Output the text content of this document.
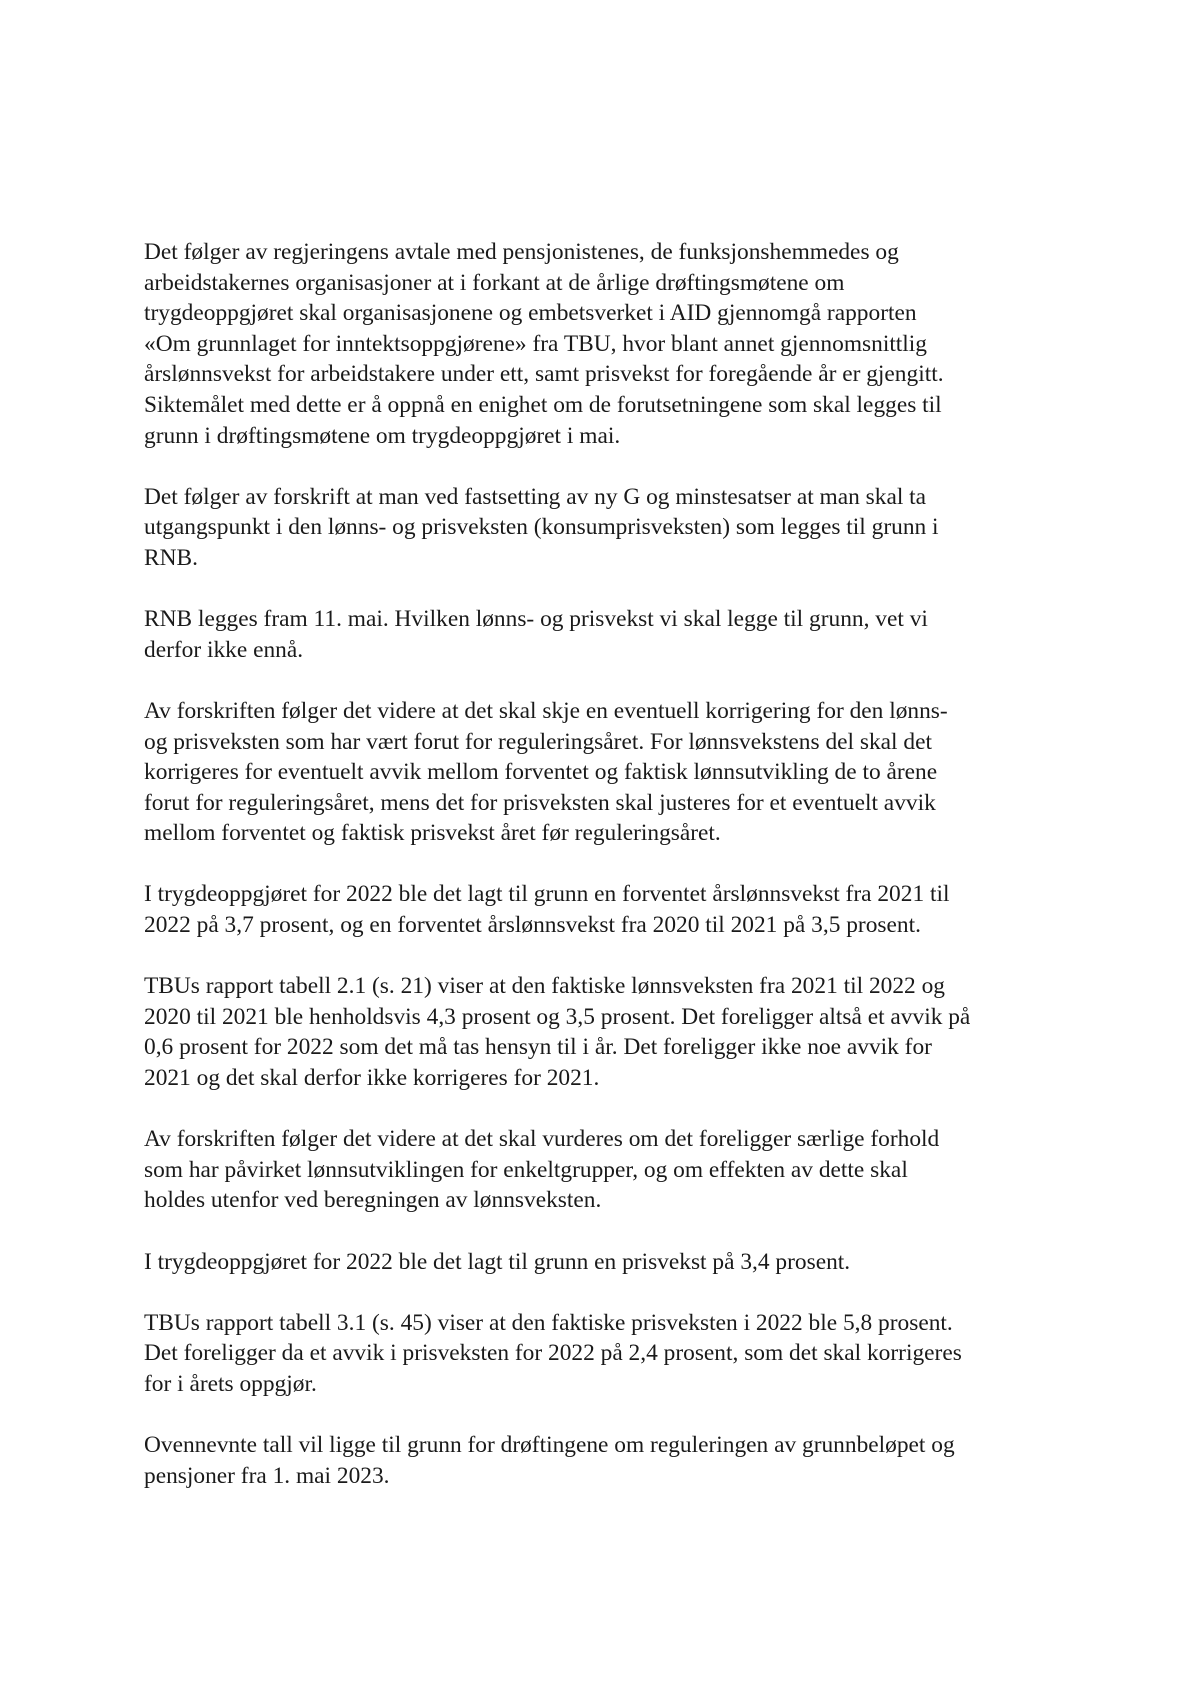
Det følger av regjeringens avtale med pensjonistenes, de funksjonshemmedes og
arbeidstakernes organisasjoner at i forkant at de årlige drøftingsmøtene om
trygdeoppgjøret skal organisasjonene og embetsverket i AID gjennomgå rapporten
«Om grunnlaget for inntektsoppgjørene» fra TBU, hvor blant annet gjennomsnittlig
årslønnsvekst for arbeidstakere under ett, samt prisvekst for foregående år er gjengitt.
Siktemålet med dette er å oppnå en enighet om de forutsetningene som skal legges til
grunn i drøftingsmøtene om trygdeoppgjøret i mai.

Det følger av forskrift at man ved fastsetting av ny G og minstesatser at man skal ta
utgangspunkt i den lønns- og prisveksten (konsumprisveksten) som legges til grunn i
RNB.

RNB legges fram 11. mai. Hvilken lønns- og prisvekst vi skal legge til grunn, vet vi
derfor ikke ennå.

Av forskriften følger det videre at det skal skje en eventuell korrigering for den lønns-
og prisveksten som har vært forut for reguleringsåret. For lønnsvekstens del skal det
korrigeres for eventuelt avvik mellom forventet og faktisk lønnsutvikling de to årene
forut for reguleringsåret, mens det for prisveksten skal justeres for et eventuelt avvik
mellom forventet og faktisk prisvekst året før reguleringsåret.

I trygdeoppgjøret for 2022 ble det lagt til grunn en forventet årslønnsvekst fra 2021 til
2022 på 3,7 prosent, og en forventet årslønnsvekst fra 2020 til 2021 på 3,5 prosent.

TBUs rapport tabell 2.1 (s. 21) viser at den faktiske lønnsveksten fra 2021 til 2022 og
2020 til 2021 ble henholdsvis 4,3 prosent og 3,5 prosent. Det foreligger altså et avvik på
0,6 prosent for 2022 som det må tas hensyn til i år. Det foreligger ikke noe avvik for
2021 og det skal derfor ikke korrigeres for 2021.

Av forskriften følger det videre at det skal vurderes om det foreligger særlige forhold
som har påvirket lønnsutviklingen for enkeltgrupper, og om effekten av dette skal
holdes utenfor ved beregningen av lønnsveksten.

I trygdeoppgjøret for 2022 ble det lagt til grunn en prisvekst på 3,4 prosent.

TBUs rapport tabell 3.1 (s. 45) viser at den faktiske prisveksten i 2022 ble 5,8 prosent.
Det foreligger da et avvik i prisveksten for 2022 på 2,4 prosent, som det skal korrigeres
for i årets oppgjør.

Ovennevnte tall vil ligge til grunn for drøftingene om reguleringen av grunnbeløpet og
pensjoner fra 1. mai 2023.
